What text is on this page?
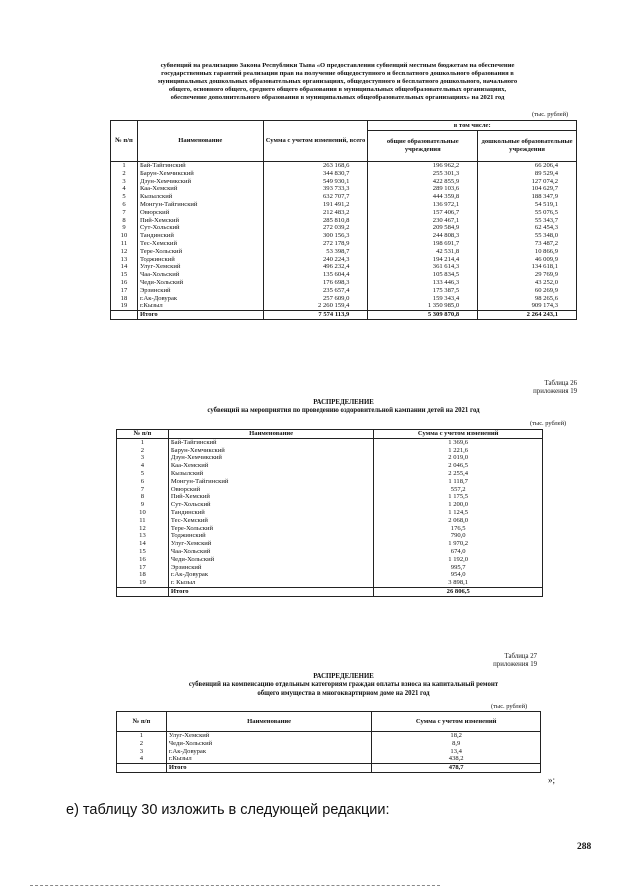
субвенций на реализацию Закона Республики Тыва «О предоставлении субвенций местным бюджетам на обеспечение
государственных гарантий реализации прав на получение общедоступного и бесплатного дошкольного образования в
муниципальных дошкольных образовательных организациях, общедоступного и бесплатного дошкольного, начального
общего, основного общего, среднего общего образования в муниципальных общеобразовательных организациях,
обеспечение дополнительного образования в муниципальных общеобразовательных организациях» на 2021 год
(тыс. рублей)
№ п/п	Наименование	Сумма с учетом изменений, всего	в том числе:	
			общие образовательные учреждения	дошкольные образовательные учреждения
1	Бай-Тайгинский	263 168,6	196 962,2	66 206,4
2	Барун-Хемчикский	344 830,7	255 301,3	89 529,4
3	Дзун-Хемчикский	549 930,1	422 855,9	127 074,2
4	Каа-Хемский	393 733,3	289 103,6	104 629,7
5	Кызылский	632 707,7	444 359,8	188 347,9
6	Монгун-Тайгинский	191 491,2	136 972,1	54 519,1
7	Овюрский	212 483,2	157 406,7	55 076,5
8	Пий-Хемский	285 810,8	230 467,1	55 343,7
9	Сут-Хольский	272 039,2	209 584,9	62 454,3
10	Тандинский	300 156,3	244 808,3	55 348,0
11	Тес-Хемский	272 178,9	198 691,7	73 487,2
12	Тере-Хольский	53 398,7	42 531,8	10 866,9
13	Тоджинский	240 224,3	194 214,4	46 009,9
14	Улуг-Хемский	496 232,4	361 614,3	134 618,1
15	Чаа-Хольский	135 604,4	105 834,5	29 769,9
16	Чеди-Хольский	176 698,3	133 446,3	43 252,0
17	Эрзинский	235 657,4	175 387,5	60 269,9
18	г.Ак-Довурак	257 609,0	159 343,4	98 265,6
19	г.Кызыл	2 260 159,4	1 350 985,0	909 174,3
	Итого	7 574 113,9	5 309 870,8	2 264 243,1
Таблица 26
приложения 19
РАСПРЕДЕЛЕНИЕ
субвенций на мероприятия по проведению оздоровительной кампании детей на 2021 год
(тыс. рублей)
№ п/п	Наименование	Сумма с учетом изменений
1	Бай-Тайгинский	1 369,6
2	Барун-Хемчикский	1 221,6
3	Дзун-Хемчикский	2 019,0
4	Каа-Хемский	2 046,5
5	Кызылский	2 255,4
6	Монгун-Тайгинский	1 118,7
7	Овюрский	557,2
8	Пий-Хемский	1 175,5
9	Сут-Хольский	1 200,0
10	Тандинский	1 124,5
11	Тес-Хемский	2 068,0
12	Тере-Хольский	176,5
13	Тоджинский	790,0
14	Улуг-Хемский	1 970,2
15	Чаа-Хольский	674,0
16	Чеди-Хольский	1 192,0
17	Эрзинский	995,7
18	г.Ак-Довурак	954,0
19	г. Кызыл	3 898,1
	Итого	26 806,5
Таблица 27
приложения 19
РАСПРЕДЕЛЕНИЕ
субвенций на компенсацию отдельным категориям граждан оплаты взноса на капитальный ремонт
общего имущества в многоквартирном доме на 2021 год
(тыс. рублей)
№ п/п	Наименование	Сумма с учетом изменений
1	Улуг-Хемский	18,2
2	Чеди-Хольский	8,9
3	г.Ак-Довурак	13,4
4	г.Кызыл	438,2
	Итого	478,7
»;
е) таблицу 30 изложить в следующей редакции:
288
